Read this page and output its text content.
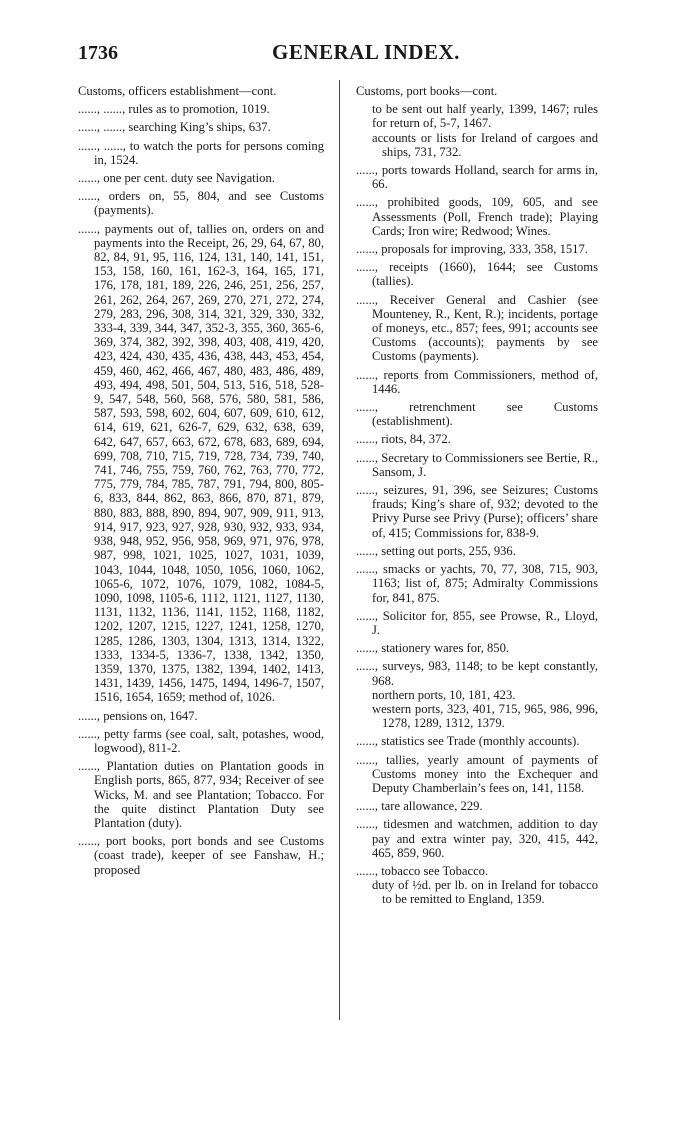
1736	GENERAL INDEX.

Customs, officers establishment—cont.

......, ......, rules as to promotion, 1019.

......, ......, searching King’s ships, 637.

......, ......, to watch the ports for persons coming in, 1524.

......, one per cent. duty see Navigation.

......, orders on, 55, 804, and see Customs (payments).

......, payments out of, tallies on, orders on and payments into the Receipt, 26, 29, 64, 67, 80, 82, 84, 91, 95, 116, 124, 131, 140, 141, 151, 153, 158, 160, 161, 162-3, 164, 165, 171, 176, 178, 181, 189, 226, 246, 251, 256, 257, 261, 262, 264, 267, 269, 270, 271, 272, 274, 279, 283, 296, 308, 314, 321, 329, 330, 332, 333-4, 339, 344, 347, 352-3, 355, 360, 365-6, 369, 374, 382, 392, 398, 403, 408, 419, 420, 423, 424, 430, 435, 436, 438, 443, 453, 454, 459, 460, 462, 466, 467, 480, 483, 486, 489, 493, 494, 498, 501, 504, 513, 516, 518, 528-9, 547, 548, 560, 568, 576, 580, 581, 586, 587, 593, 598, 602, 604, 607, 609, 610, 612, 614, 619, 621, 626-7, 629, 632, 638, 639, 642, 647, 657, 663, 672, 678, 683, 689, 694, 699, 708, 710, 715, 719, 728, 734, 739, 740, 741, 746, 755, 759, 760, 762, 763, 770, 772, 775, 779, 784, 785, 787, 791, 794, 800, 805-6, 833, 844, 862, 863, 866, 870, 871, 879, 880, 883, 888, 890, 894, 907, 909, 911, 913, 914, 917, 923, 927, 928, 930, 932, 933, 934, 938, 948, 952, 956, 958, 969, 971, 976, 978, 987, 998, 1021, 1025, 1027, 1031, 1039, 1043, 1044, 1048, 1050, 1056, 1060, 1062, 1065-6, 1072, 1076, 1079, 1082, 1084-5, 1090, 1098, 1105-6, 1112, 1121, 1127, 1130, 1131, 1132, 1136, 1141, 1152, 1168, 1182, 1202, 1207, 1215, 1227, 1241, 1258, 1270, 1285, 1286, 1303, 1304, 1313, 1314, 1322, 1333, 1334-5, 1336-7, 1338, 1342, 1350, 1359, 1370, 1375, 1382, 1394, 1402, 1413, 1431, 1439, 1456, 1475, 1494, 1496-7, 1507, 1516, 1654, 1659; method of, 1026.

......, pensions on, 1647.

......, petty farms (see coal, salt, potashes, wood, logwood), 811-2.

......, Plantation duties on Plantation goods in English ports, 865, 877, 934; Receiver of see Wicks, M. and see Plantation; Tobacco. For the quite distinct Plantation Duty see Plantation (duty).

......, port books, port bonds and see Customs (coast trade), keeper of see Fanshaw, H.; proposed

Customs, port books—cont.

to be sent out half yearly, 1399, 1467; rules for return of, 5-7, 1467.

accounts or lists for Ireland of cargoes and ships, 731, 732.

......, ports towards Holland, search for arms in, 66.

......, prohibited goods, 109, 605, and see Assessments (Poll, French trade); Playing Cards; Iron wire; Redwood; Wines.

......, proposals for improving, 333, 358, 1517.

......, receipts (1660), 1644; see Customs (tallies).

......, Receiver General and Cashier (see Mounteney, R., Kent, R.); incidents, portage of moneys, etc., 857; fees, 991; accounts see Customs (accounts); payments by see Customs (payments).

......, reports from Commissioners, method of, 1446.

......, retrenchment see Customs (establishment).

......, riots, 84, 372.

......, Secretary to Commissioners see Bertie, R., Sansom, J.

......, seizures, 91, 396, see Seizures; Customs frauds; King’s share of, 932; devoted to the Privy Purse see Privy (Purse); officers’ share of, 415; Commissions for, 838-9.

......, setting out ports, 255, 936.

......, smacks or yachts, 70, 77, 308, 715, 903, 1163; list of, 875; Admiralty Commissions for, 841, 875.

......, Solicitor for, 855, see Prowse, R., Lloyd, J.

......, stationery wares for, 850.

......, surveys, 983, 1148; to be kept constantly, 968.

northern ports, 10, 181, 423.

western ports, 323, 401, 715, 965, 986, 996, 1278, 1289, 1312, 1379.

......, statistics see Trade (monthly accounts).

......, tallies, yearly amount of payments of Customs money into the Exchequer and Deputy Chamberlain’s fees on, 141, 1158.

......, tare allowance, 229.

......, tidesmen and watchmen, addition to day pay and extra winter pay, 320, 415, 442, 465, 859, 960.

......, tobacco see Tobacco.

duty of ½d. per lb. on in Ireland for tobacco to be remitted to England, 1359.
